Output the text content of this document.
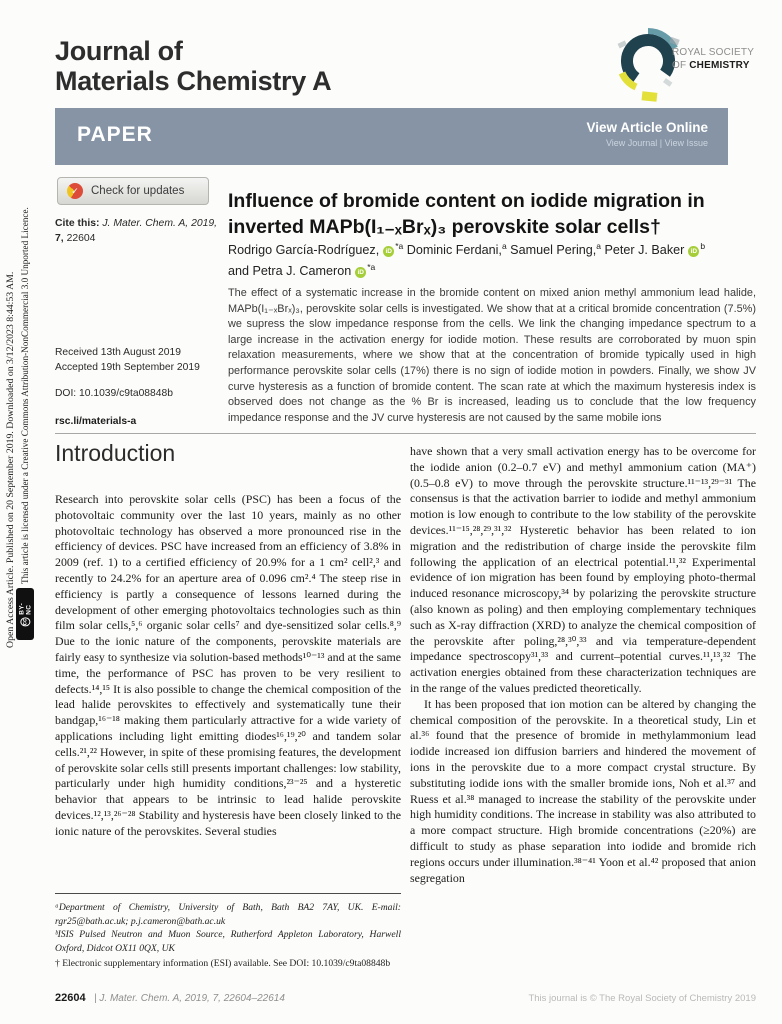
Open Access Article. Published on 20 September 2019. Downloaded on 3/12/2023 8:44:53 AM. This article is licensed under a Creative Commons Attribution-NonCommercial 3.0 Unported Licence.
cc
BY-NC
Journal of
Materials Chemistry A
ROYAL SOCIETY
OF CHEMISTRY
PAPER	View Article Online
View Journal | View Issue
✓	Check for updates
Cite this: J. Mater. Chem. A, 2019, 7, 22604
Influence of bromide content on iodide migration in inverted MAPb(I₁₋ₓBrₓ)₃ perovskite solar cells†
Rodrigo García-Rodríguez, $iD^{*a}$ Dominic Ferdani,$^a$ Samuel Pering,$^a$ Peter J. Baker $iD^b$
and Petra J. Cameron $iD^{*a}$
The effect of a systematic increase in the bromide content on mixed anion methyl ammonium lead halide, MAPb(I₁₋ₓBrₓ)₃, perovskite solar cells is investigated. We show that at a critical bromide concentration (7.5%) we supress the slow impedance response from the cells. We link the changing impedance spectrum to a large increase in the activation energy for iodide motion. These results are corroborated by muon spin relaxation measurements, where we show that at the concentration of bromide typically used in high performance perovskite solar cells (17%) there is no sign of iodide motion in powders. Finally, we show JV curve hysteresis as a function of bromide content. The scan rate at which the maximum hysteresis index is observed does not change as the % Br is increased, leading us to conclude that the low frequency impedance response and the JV curve hysteresis are not caused by the same mobile ions
Received 13th August 2019
Accepted 19th September 2019
DOI: 10.1039/c9ta08848b
rsc.li/materials-a
Introduction

Research into perovskite solar cells (PSC) has been a focus of the photovoltaic community over the last 10 years, mainly as no other photovoltaic technology has observed a more pronounced rise in the efficiency of devices. PSC have increased from an efficiency of 3.8% in 2009 (ref. 1) to a certified efficiency of 20.9% for a 1 cm² cell²,³ and recently to 24.2% for an aperture area of 0.096 cm².⁴ The steep rise in efficiency is partly a consequence of lessons learned during the development of other emerging photovoltaics technologies such as thin film solar cells,⁵,⁶ organic solar cells⁷ and dye-sensitized solar cells.⁸,⁹ Due to the ionic nature of the components, perovskite materials are fairly easy to synthesize via solution-based methods¹⁰⁻¹³ and at the same time, the performance of PSC has proven to be very resilient to defects.¹⁴,¹⁵ It is also possible to change the chemical composition of the lead halide perovskites to effectively and systematically tune their bandgap,¹⁶⁻¹⁸ making them particularly attractive for a wide variety of applications including light emitting diodes¹⁶,¹⁹,²⁰ and tandem solar cells.²¹,²² However, in spite of these promising features, the development of perovskite solar cells still presents important challenges: low stability, particularly under high humidity conditions,²³⁻²⁵ and a hysteretic behavior that appears to be intrinsic to lead halide perovskite devices.¹²,¹³,²⁶⁻²⁸ Stability and hysteresis have been closely linked to the ionic nature of the perovskites. Several studies

have shown that a very small activation energy has to be overcome for the iodide anion (0.2–0.7 eV) and methyl ammonium cation (MA⁺) (0.5–0.8 eV) to move through the perovskite structure.¹¹⁻¹³,²⁹⁻³¹ The consensus is that the activation barrier to iodide and methyl ammonium motion is low enough to contribute to the low stability of the perovskite devices.¹¹⁻¹⁵,²⁸,²⁹,³¹,³² Hysteretic behavior has been related to ion migration and the redistribution of charge inside the perovskite film following the application of an electrical potential.¹¹,³² Experimental evidence of ion migration has been found by employing photo-thermal induced resonance microscopy,³⁴ by polarizing the perovskite structure (also known as poling) and then employing complementary techniques such as X-ray diffraction (XRD) to analyze the chemical composition of the perovskite after poling,²⁸,³⁰,³³ and via temperature-dependent impedance spectroscopy³¹,³³ and current–potential curves.¹¹,¹³,³² The activation energies obtained from these characterization techniques are in the range of the values predicted theoretically.

It has been proposed that ion motion can be altered by changing the chemical composition of the perovskite. In a theoretical study, Lin et al.³⁶ found that the presence of bromide in methylammonium lead iodide increased ion diffusion barriers and hindered the movement of ions in the perovskite due to a more compact crystal structure. By substituting iodide ions with the smaller bromide ions, Noh et al.³⁷ and Ruess et al.³⁸ managed to increase the stability of the perovskite under high humidity conditions. The increase in stability was also attributed to a more compact structure. High bromide concentrations (≥20%) are difficult to study as phase separation into iodide and bromide rich regions occurs under illumination.³⁸⁻⁴¹ Yoon et al.⁴² proposed that anion segregation

ᵃDepartment of Chemistry, University of Bath, Bath BA2 7AY, UK. E-mail: rgr25@bath.ac.uk; p.j.cameron@bath.ac.uk
ᵇISIS Pulsed Neutron and Muon Source, Rutherford Appleton Laboratory, Harwell Oxford, Didcot OX11 0QX, UK
† Electronic supplementary information (ESI) available. See DOI: 10.1039/c9ta08848b
22604 | J. Mater. Chem. A, 2019, 7, 22604–22614	This journal is © The Royal Society of Chemistry 2019
